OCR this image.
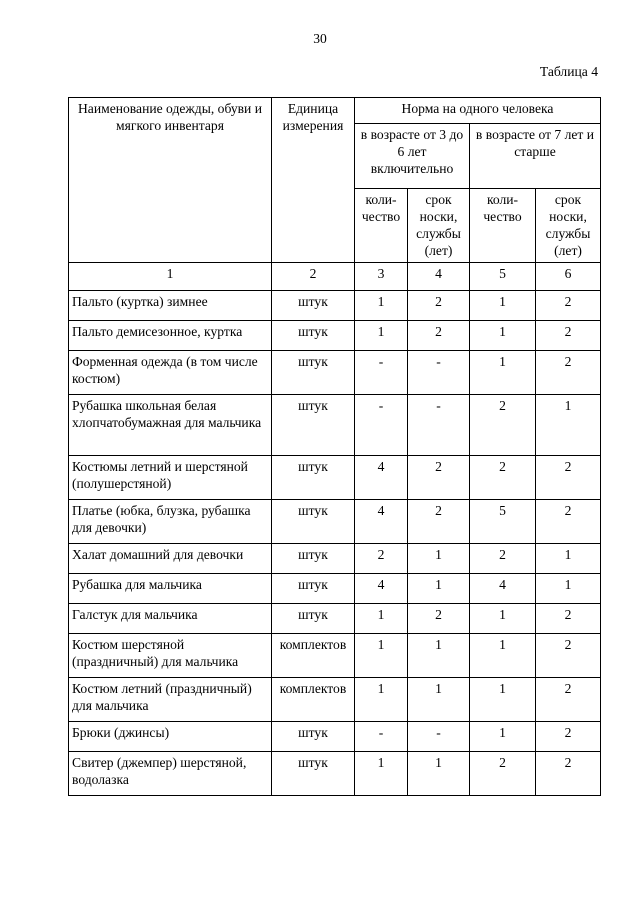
30
Таблица 4
Наименование одежды, обуви и мягкого инвентаря	Единица измерения	Норма на одного человека			
		в возрасте от 3 до 6 лет включительно		в возрасте от 7 лет и старше	
		коли- чество	срок носки, службы (лет)	коли- чество	срок носки, службы (лет)
1	2	3	4	5	6
Пальто (куртка) зимнее	штук	1	2	1	2
Пальто демисезонное, куртка	штук	1	2	1	2
Форменная одежда (в том числе костюм)	штук	-	-	1	2
Рубашка школьная белая хлопчатобумажная для мальчика	штук	-	-	2	1
Костюмы летний и шерстяной (полушерстяной)	штук	4	2	2	2
Платье (юбка, блузка, рубашка для девочки)	штук	4	2	5	2
Халат домашний для девочки	штук	2	1	2	1
Рубашка для мальчика	штук	4	1	4	1
Галстук для мальчика	штук	1	2	1	2
Костюм шерстяной (праздничный) для мальчика	комплектов	1	1	1	2
Костюм летний (праздничный) для мальчика	комплектов	1	1	1	2
Брюки (джинсы)	штук	-	-	1	2
Свитер (джемпер) шерстяной, водолазка	штук	1	1	2	2
